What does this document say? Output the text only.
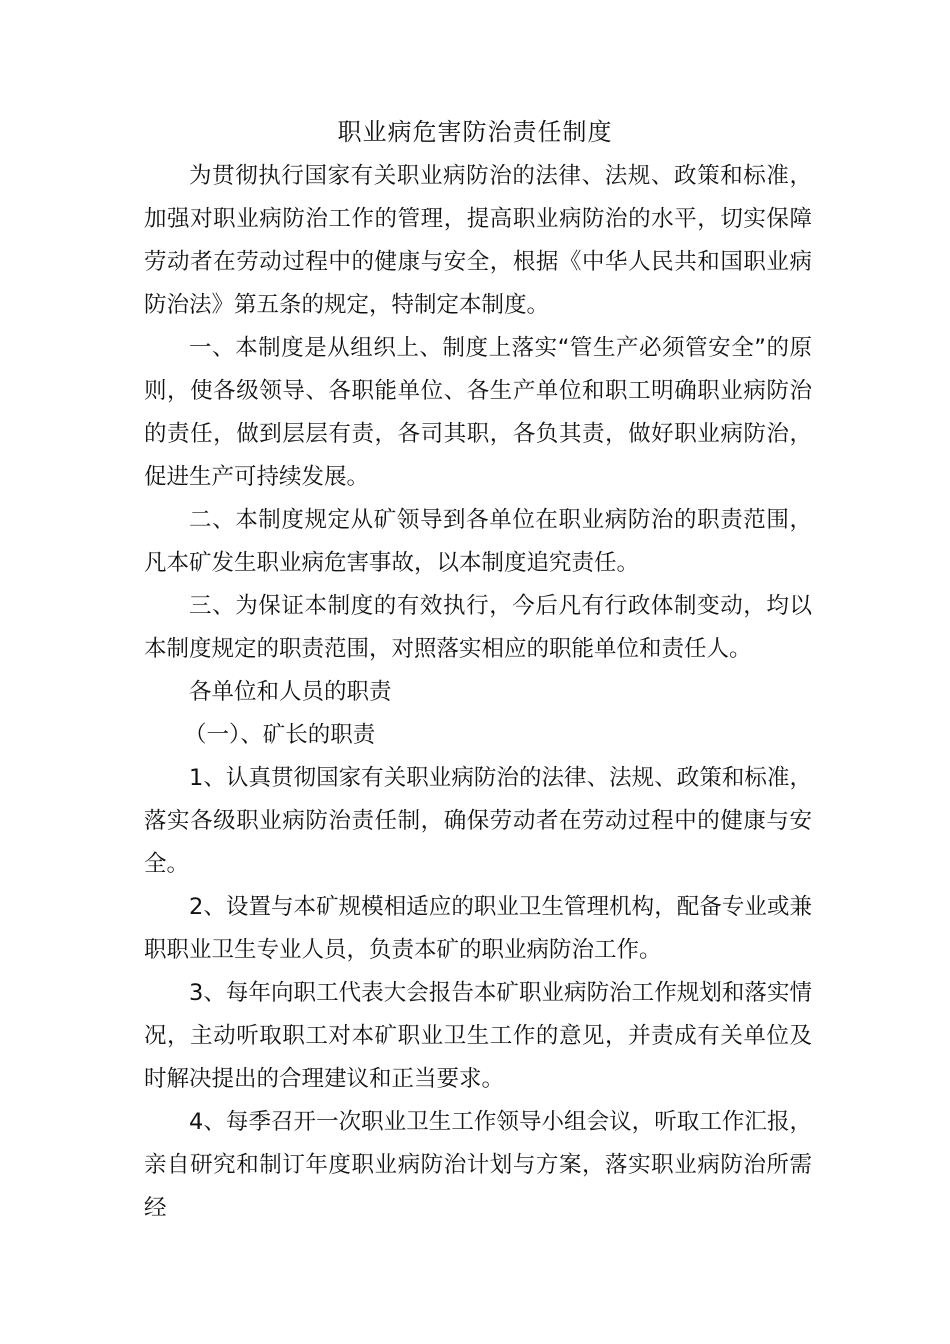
职业病危害防治责任制度

为贯彻执行国家有关职业病防治的法律、法规、政策和标准，加强对职业病防治工作的管理，提高职业病防治的水平，切实保障劳动者在劳动过程中的健康与安全，根据《中华人民共和国职业病防治法》第五条的规定，特制定本制度。

一、本制度是从组织上、制度上落实“管生产必须管安全”的原则，使各级领导、各职能单位、各生产单位和职工明确职业病防治的责任，做到层层有责，各司其职，各负其责，做好职业病防治，促进生产可持续发展。

二、本制度规定从矿领导到各单位在职业病防治的职责范围，凡本矿发生职业病危害事故，以本制度追究责任。

三、为保证本制度的有效执行，今后凡有行政体制变动，均以本制度规定的职责范围，对照落实相应的职能单位和责任人。

各单位和人员的职责

（一）、矿长的职责

1、认真贯彻国家有关职业病防治的法律、法规、政策和标准，落实各级职业病防治责任制，确保劳动者在劳动过程中的健康与安全。

2、设置与本矿规模相适应的职业卫生管理机构，配备专业或兼职职业卫生专业人员，负责本矿的职业病防治工作。

3、每年向职工代表大会报告本矿职业病防治工作规划和落实情况，主动听取职工对本矿职业卫生工作的意见，并责成有关单位及时解决提出的合理建议和正当要求。

4、每季召开一次职业卫生工作领导小组会议，听取工作汇报，亲自研究和制订年度职业病防治计划与方案，落实职业病防治所需经
